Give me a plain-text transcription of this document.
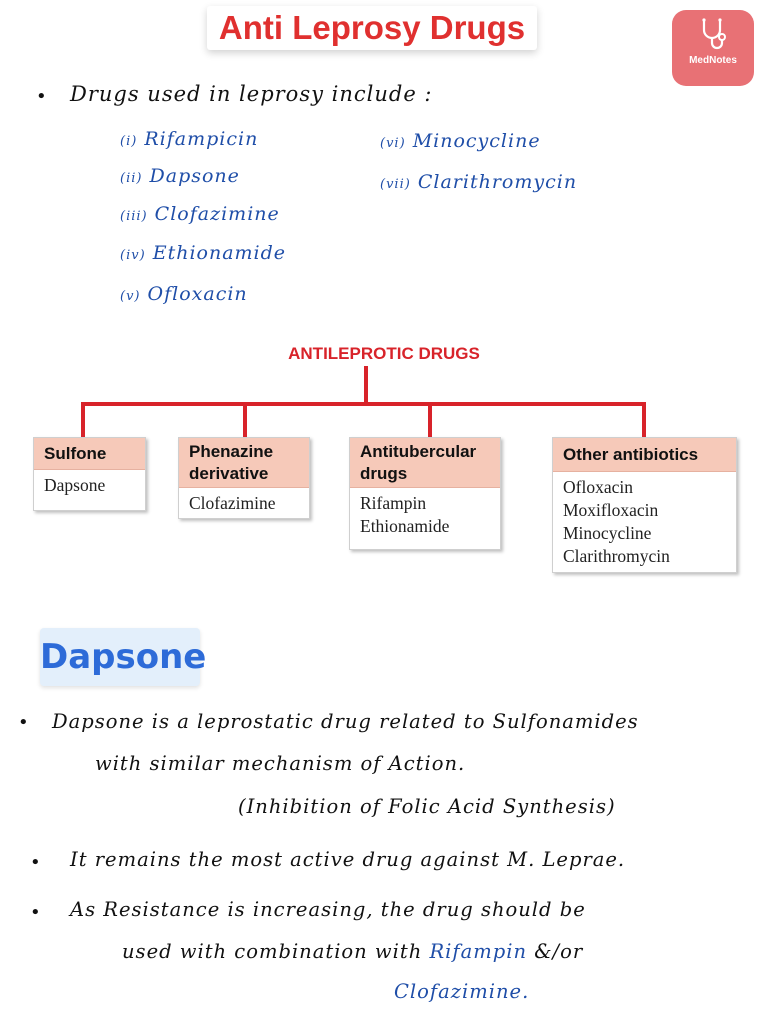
Anti Leprosy Drugs
MedNotes
• Drugs used in leprosy include :
(i) Rifampicin
(ii) Dapsone
(iii) Clofazimine
(iv) Ethionamide
(v) Ofloxacin
(vi) Minocycline
(vii) Clarithromycin
ANTILEPROTIC DRUGS
Sulfone
Dapsone
Phenazine derivative
Clofazimine
Antitubercular drugs
Rifampin
Ethionamide
Other antibiotics
Ofloxacin
Moxifloxacin
Minocycline
Clarithromycin
Dapsone
• Dapsone is a leprostatic drug related to Sulfonamides
with similar mechanism of Action.
(Inhibition of Folic Acid Synthesis)
• It remains the most active drug against M. Leprae.
• As Resistance is increasing, the drug should be
used with combination with Rifampin &/or
Clofazimine.
